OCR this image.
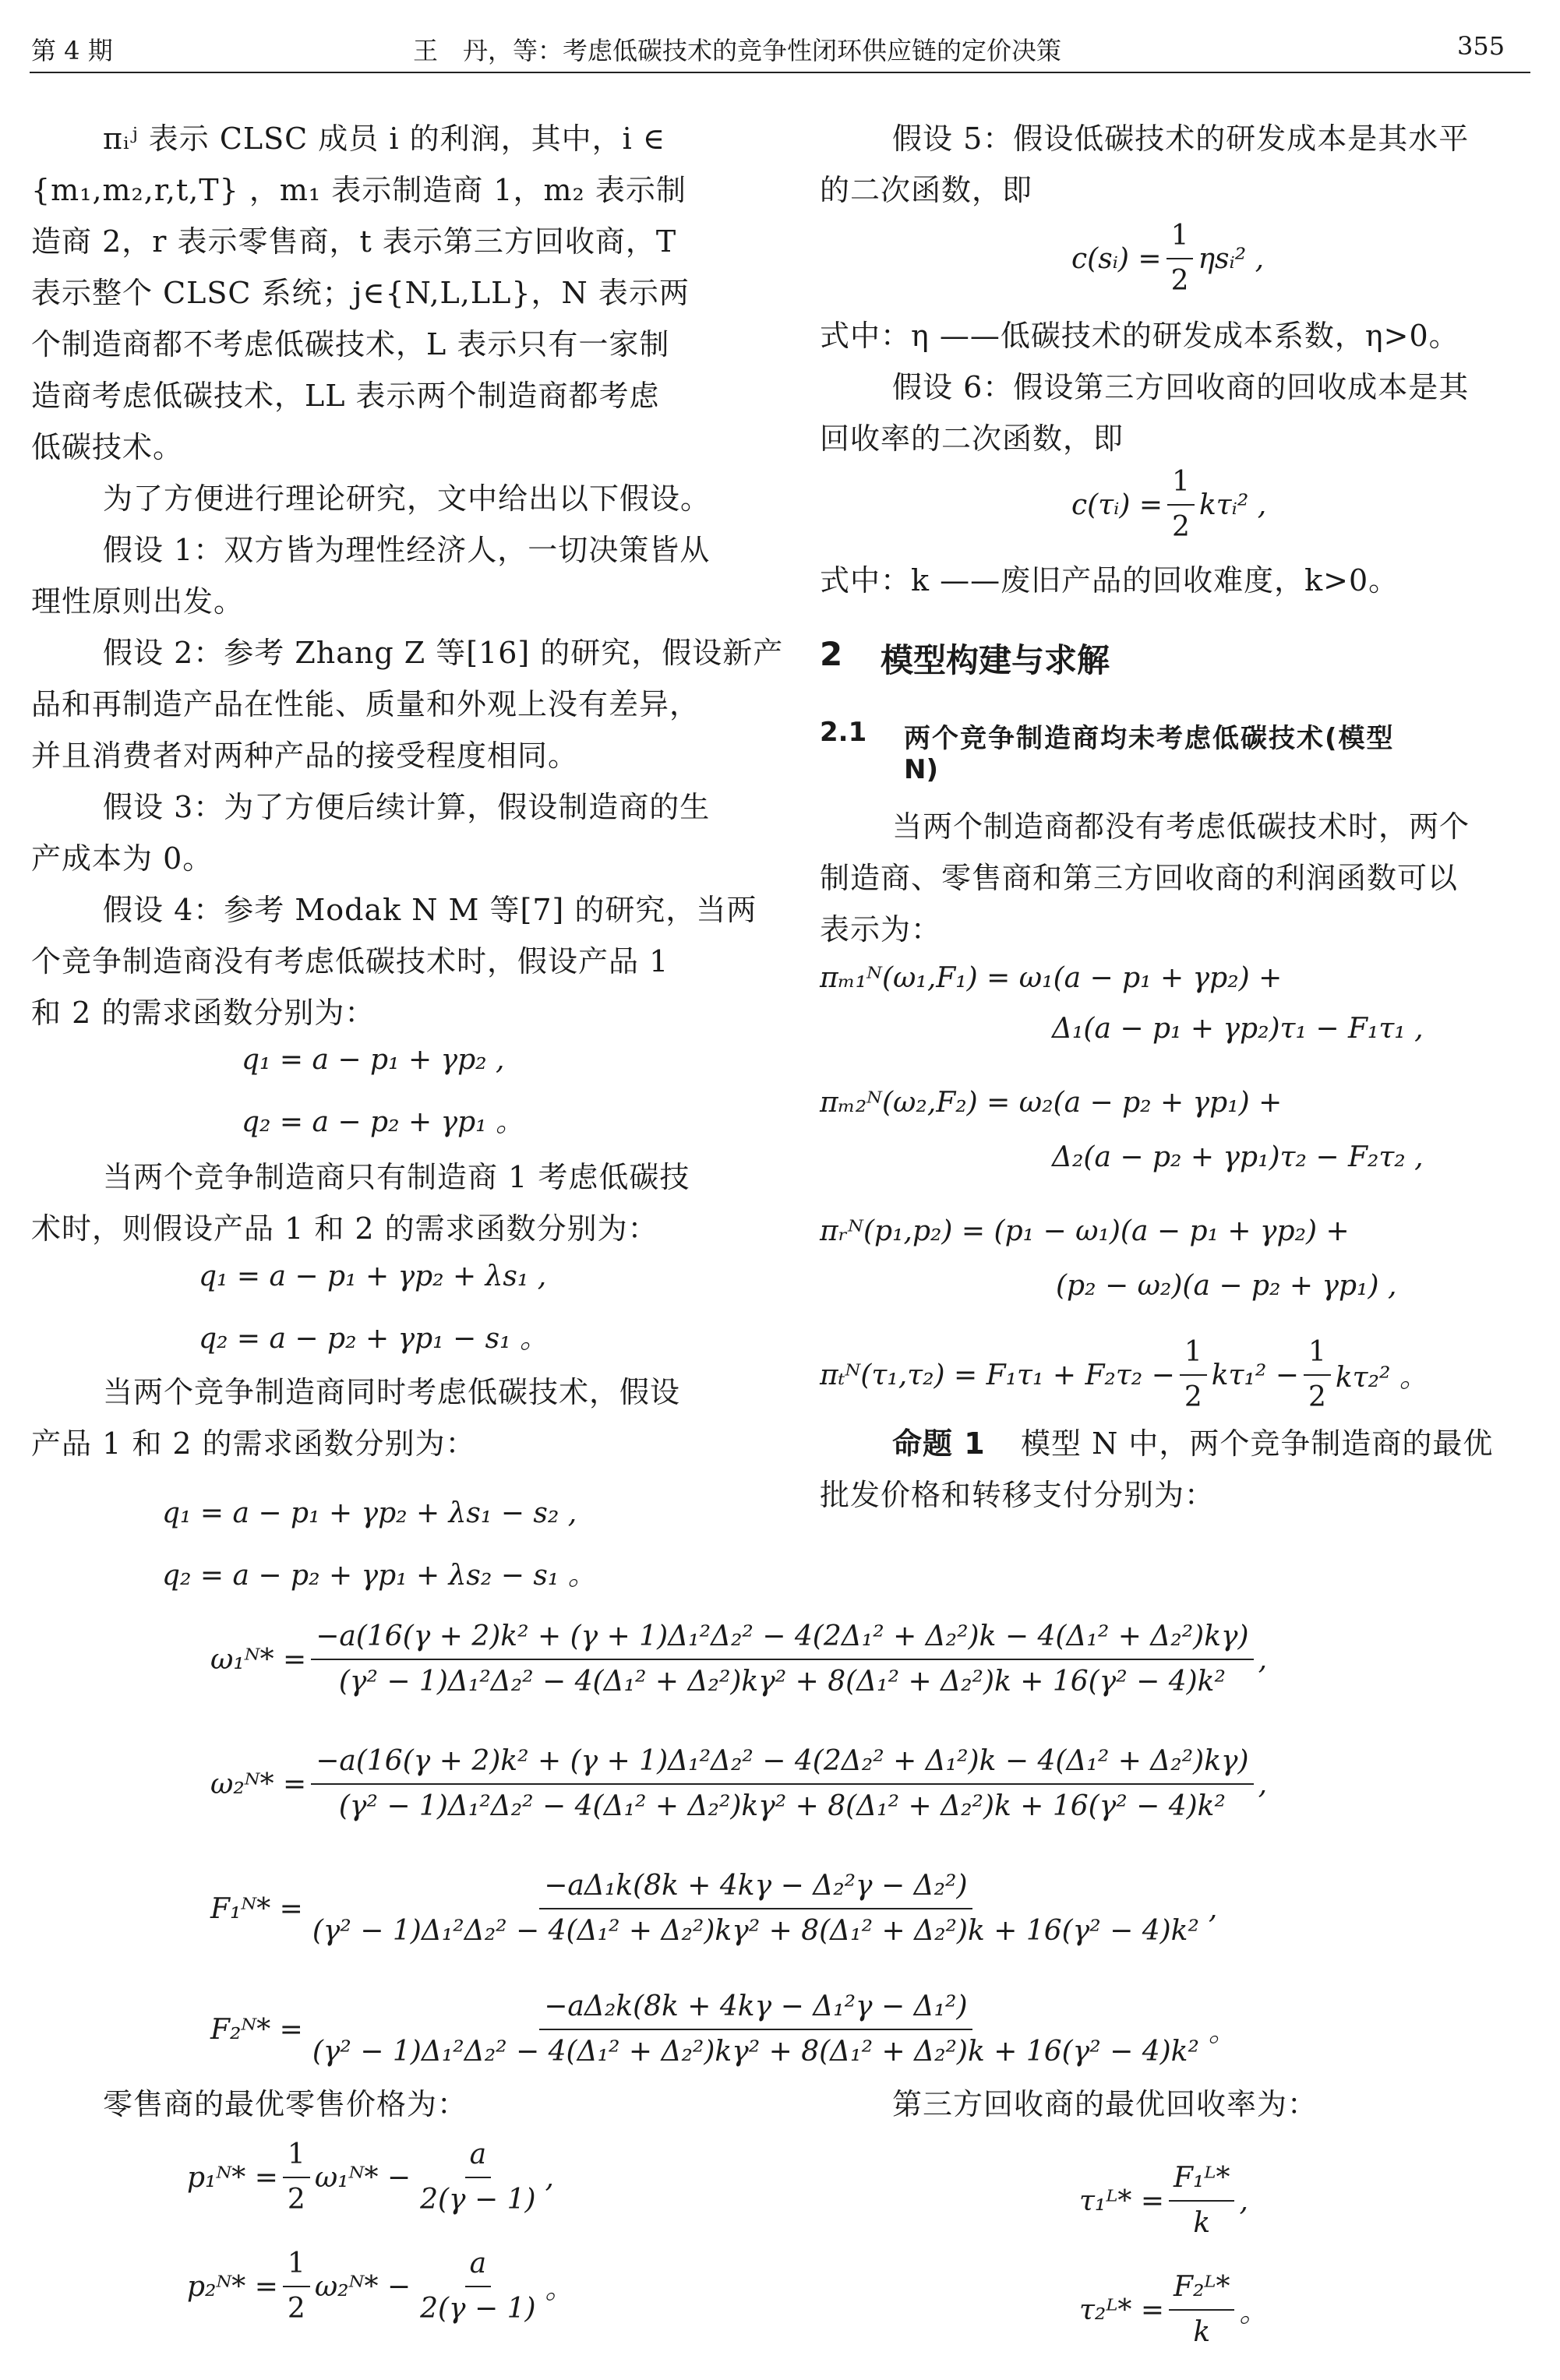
第 4 期	王　丹，等：考虑低碳技术的竞争性闭环供应链的定价决策	355
πᵢʲ 表示 CLSC 成员 i 的利润，其中，i ∈
{m₁,m₂,r,t,T} ，m₁ 表示制造商 1，m₂ 表示制
造商 2，r 表示零售商，t 表示第三方回收商，T
表示整个 CLSC 系统；j∈{N,L,LL}，N 表示两
个制造商都不考虑低碳技术，L 表示只有一家制
造商考虑低碳技术，LL 表示两个制造商都考虑
低碳技术。
为了方便进行理论研究，文中给出以下假设。
假设 1：双方皆为理性经济人，一切决策皆从
理性原则出发。
假设 2：参考 Zhang Z 等[16] 的研究，假设新产
品和再制造产品在性能、质量和外观上没有差异，
并且消费者对两种产品的接受程度相同。
假设 3：为了方便后续计算，假设制造商的生
产成本为 0。
假设 4：参考 Modak N M 等[7] 的研究，当两
个竞争制造商没有考虑低碳技术时，假设产品 1
和 2 的需求函数分别为：
q₁ = a − p₁ + γp₂ ,
q₂ = a − p₂ + γp₁ 。
当两个竞争制造商只有制造商 1 考虑低碳技
术时，则假设产品 1 和 2 的需求函数分别为：
q₁ = a − p₁ + γp₂ + λs₁ ,
q₂ = a − p₂ + γp₁ − s₁ 。
当两个竞争制造商同时考虑低碳技术，假设
产品 1 和 2 的需求函数分别为：
q₁ = a − p₁ + γp₂ + λs₁ − s₂ ,
q₂ = a − p₂ + γp₁ + λs₂ − s₁ 。
假设 5：假设低碳技术的研发成本是其水平
的二次函数，即
c(sᵢ) = $\frac{1}{2}$ ηsᵢ² ,
式中：η ——低碳技术的研发成本系数，η>0。
假设 6：假设第三方回收商的回收成本是其
回收率的二次函数，即
c(τᵢ) = $\frac{1}{2}$ kτᵢ² ,
式中：k ——废旧产品的回收难度，k>0。
2 模型构建与求解
2.1 两个竞争制造商均未考虑低碳技术(模型
N)
当两个制造商都没有考虑低碳技术时，两个
制造商、零售商和第三方回收商的利润函数可以
表示为：
πₘ₁ᴺ(ω₁,F₁) = ω₁(a − p₁ + γp₂) +
Δ₁(a − p₁ + γp₂)τ₁ − F₁τ₁ ,
πₘ₂ᴺ(ω₂,F₂) = ω₂(a − p₂ + γp₁) +
Δ₂(a − p₂ + γp₁)τ₂ − F₂τ₂ ,
πᵣᴺ(p₁,p₂) = (p₁ − ω₁)(a − p₁ + γp₂) +
(p₂ − ω₂)(a − p₂ + γp₁) ,
πₜᴺ(τ₁,τ₂) = $F_1\tau_1 + F_2\tau_2 - \frac{1}{2} k\tau_1^2 - \frac{1}{2} k\tau_2^2$ 。
命题 1 模型 N 中，两个竞争制造商的最优
批发价格和转移支付分别为：
ω₁ᴺ* =
−a(16(γ + 2)k² + (γ + 1)Δ₁²Δ₂² − 4(2Δ₁² + Δ₂²)k − 4(Δ₁² + Δ₂²)kγ)
(γ² − 1)Δ₁²Δ₂² − 4(Δ₁² + Δ₂²)kγ² + 8(Δ₁² + Δ₂²)k + 16(γ² − 4)k²
,
ω₂ᴺ* =
−a(16(γ + 2)k² + (γ + 1)Δ₁²Δ₂² − 4(2Δ₂² + Δ₁²)k − 4(Δ₁² + Δ₂²)kγ)
(γ² − 1)Δ₁²Δ₂² − 4(Δ₁² + Δ₂²)kγ² + 8(Δ₁² + Δ₂²)k + 16(γ² − 4)k²
,
F₁ᴺ* =
−aΔ₁k(8k + 4kγ − Δ₂²γ − Δ₂²)
(γ² − 1)Δ₁²Δ₂² − 4(Δ₁² + Δ₂²)kγ² + 8(Δ₁² + Δ₂²)k + 16(γ² − 4)k²
,
F₂ᴺ* =
−aΔ₂k(8k + 4kγ − Δ₁²γ − Δ₁²)
(γ² − 1)Δ₁²Δ₂² − 4(Δ₁² + Δ₂²)kγ² + 8(Δ₁² + Δ₂²)k + 16(γ² − 4)k²
。
零售商的最优零售价格为：
p₁ᴺ* = $\frac{1}{2}$ ω₁ᴺ* − $\frac{a}{2(\gamma - 1)}$ ,
p₂ᴺ* = $\frac{1}{2}$ ω₂ᴺ* − $\frac{a}{2(\gamma - 1)}$ 。
第三方回收商的最优回收率为：
τ₁ᴸ* = $\frac{\text{F₁ᴸ*}}{k}$ ,
τ₂ᴸ* = $\frac{\text{F₂ᴸ*}}{k}$ 。
